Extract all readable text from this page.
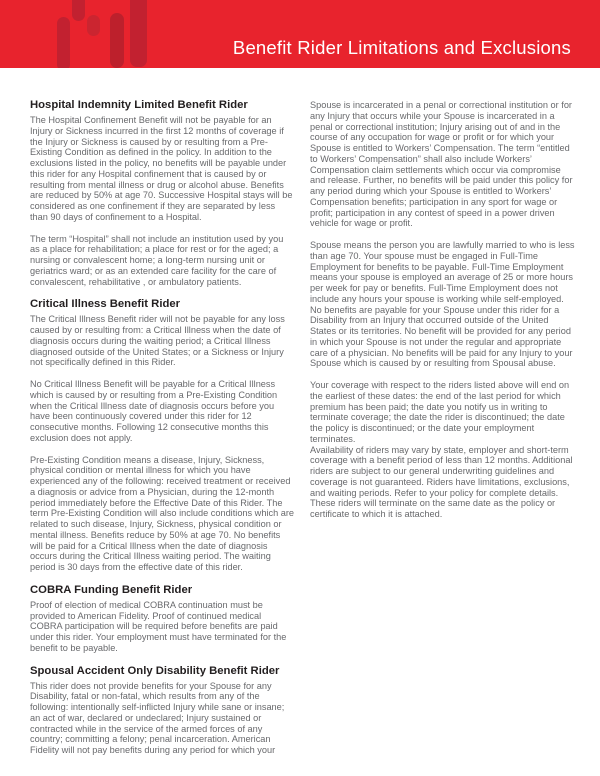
Benefit Rider Limitations and Exclusions
Hospital Indemnity Limited Benefit Rider

The Hospital Confinement Benefit will not be payable for an Injury or Sickness incurred in the first 12 months of coverage if the Injury or Sickness is caused by or resulting from a Pre-Existing Condition as defined in the policy. In addition to the exclusions listed in the policy, no benefits will be payable under this rider for any Hospital confinement that is caused by or resulting from mental illness or drug or alcohol abuse. Benefits are reduced by 50% at age 70. Successive Hospital stays will be considered as one confinement if they are separated by less than 90 days of confinement to a Hospital.

The term “Hospital” shall not include an institution used by you as a place for rehabilitation; a place for rest or for the aged; a nursing or convalescent home; a long-term nursing unit or geriatrics ward; or as an extended care facility for the care of convalescent, rehabilitative , or ambulatory patients.

Critical Illness Benefit Rider

The Critical Illness Benefit rider will not be payable for any loss caused by or resulting from: a Critical Illness when the date of diagnosis occurs during the waiting period; a Critical Illness diagnosed outside of the United States; or a Sickness or Injury not specifically defined in this Rider.

No Critical Illness Benefit will be payable for a Critical Illness which is caused by or resulting from a Pre-Existing Condition when the Critical Illness date of diagnosis occurs before you have been continuously covered under this rider for 12 consecutive months. Following 12 consecutive months this exclusion does not apply.

Pre-Existing Condition means a disease, Injury, Sickness, physical condition or mental illness for which you have experienced any of the following: received treatment or received a diagnosis or advice from a Physician, during the 12-month period immediately before the Effective Date of this Rider. The term Pre-Existing Condition will also include conditions which are related to such disease, Injury, Sickness, physical condition or mental illness. Benefits reduce by 50% at age 70. No benefits will be paid for a Critical Illness when the date of diagnosis occurs during the Critical Illness waiting period. The waiting period is 30 days from the effective date of this rider.

COBRA Funding Benefit Rider

Proof of election of medical COBRA continuation must be provided to American Fidelity. Proof of continued medical COBRA participation will be required before benefits are paid under this rider. Your employment must have terminated for the benefit to be payable.

Spousal Accident Only Disability Benefit Rider

This rider does not provide benefits for your Spouse for any Disability, fatal or non-fatal, which results from any of the following: intentionally self-inflicted Injury while sane or insane; an act of war, declared or undeclared; Injury sustained or contracted while in the service of the armed forces of any country; committing a felony; penal incarceration. American Fidelity will not pay benefits during any period for which your

Spouse is incarcerated in a penal or correctional institution or for any Injury that occurs while your Spouse is incarcerated in a penal or correctional institution; Injury arising out of and in the course of any occupation for wage or profit or for which your Spouse is entitled to Workers’ Compensation. The term “entitled to Workers’ Compensation” shall also include Workers’ Compensation claim settlements which occur via compromise and release. Further, no benefits will be paid under this policy for any period during which your Spouse is entitled to Workers’ Compensation benefits; participation in any sport for wage or profit; participation in any contest of speed in a power driven vehicle for wage or profit.

Spouse means the person you are lawfully married to who is less than age 70. Your spouse must be engaged in Full-Time Employment for benefits to be payable. Full-Time Employment means your spouse is employed an average of 25 or more hours per week for pay or benefits. Full-Time Employment does not include any hours your spouse is working while self-employed. No benefits are payable for your Spouse under this rider for a Disability from an Injury that occurred outside of the United States or its territories. No benefit will be provided for any period in which your Spouse is not under the regular and appropriate care of a physician. No benefits will be paid for any Injury to your Spouse which is caused by or resulting from Spousal abuse.

Your coverage with respect to the riders listed above will end on the earliest of these dates: the end of the last period for which premium has been paid; the date you notify us in writing to terminate coverage; the date the rider is discontinued; the date the policy is discontinued; or the date your employment terminates.

Availability of riders may vary by state, employer and short-term coverage with a benefit period of less than 12 months. Additional riders are subject to our general underwriting guidelines and coverage is not guaranteed. Riders have limitations, exclusions, and waiting periods. Refer to your policy for complete details. These riders will terminate on the same date as the policy or certificate to which it is attached.
